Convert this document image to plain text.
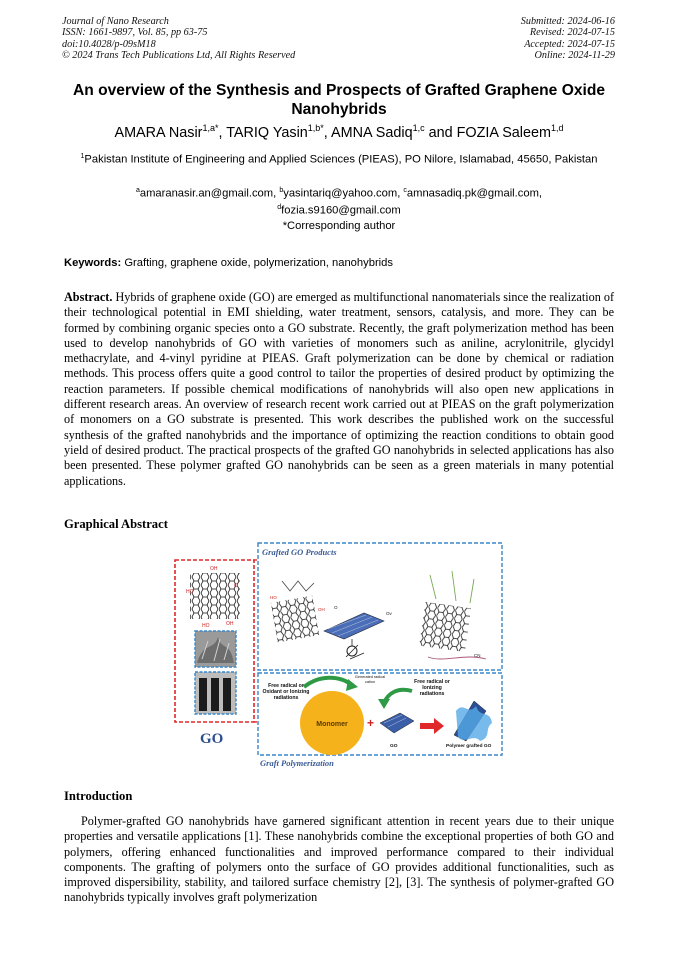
Journal of Nano Research
ISSN: 1661-9897, Vol. 85, pp 63-75
doi:10.4028/p-09sM18
© 2024 Trans Tech Publications Ltd, All Rights Reserved
Submitted: 2024-06-16
Revised: 2024-07-15
Accepted: 2024-07-15
Online: 2024-11-29
An overview of the Synthesis and Prospects of Grafted Graphene Oxide Nanohybrids
AMARA Nasir$^{1,a*}$, TARIQ Yasin$^{1,b*}$, AMNA Sadiq$^{1,c}$ and FOZIA Saleem$^{1,d}$
$^1$Pakistan Institute of Engineering and Applied Sciences (PIEAS), PO Nilore, Islamabad, 45650, Pakistan
$^a$amaranasir.an@gmail.com, $^b$yasintariq@yahoo.com, $^c$amnasadiq.pk@gmail.com,
$^d$fozia.s9160@gmail.com
*Corresponding author
Keywords: Grafting, graphene oxide, polymerization, nanohybrids
Abstract. Hybrids of graphene oxide (GO) are emerged as multifunctional nanomaterials since the realization of their technological potential in EMI shielding, water treatment, sensors, catalysis, and more. They can be formed by combining organic species onto a GO substrate. Recently, the graft polymerization method has been used to develop nanohybrids of GO with varieties of monomers such as aniline, acrylonitrile, glycidyl methacrylate, and 4-vinyl pyridine at PIEAS. Graft polymerization can be done by chemical or radiation methods. This process offers quite a good control to tailor the properties of desired product by optimizing the reaction parameters. If possible chemical modifications of nanohybrids will also open new applications in different research areas. An overview of research recent work carried out at PIEAS on the graft polymerization of monomers on a GO substrate is presented. This work describes the published work on the successful synthesis of the grafted nanohybrids and the importance of optimizing the reaction conditions to obtain good yield of desired product. The practical prospects of the grafted GO nanohybrids in selected applications has also been presented. These polymer grafted GO nanohybrids can be seen as a green materials in many potential applications.
Graphical Abstract
OH
HO
O
HO	OH
GO
Grafted GO Products
HO
OH O
Ov
CN
Graft Polymerization
Monomer
Free radical or Oxidant or Ionizing radiations
Generated radical cation
+
Free radical or Ionizing radiations
GO	Polymer grafted GO
Introduction
Polymer-grafted GO nanohybrids have garnered significant attention in recent years due to their unique properties and versatile applications [1]. These nanohybrids combine the exceptional properties of both GO and polymers, offering enhanced functionalities and improved performance compared to their individual components. The grafting of polymers onto the surface of GO provides additional functionalities, such as improved dispersibility, stability, and tailored surface chemistry [2], [3]. The synthesis of polymer-grafted GO nanohybrids typically involves graft polymerization
